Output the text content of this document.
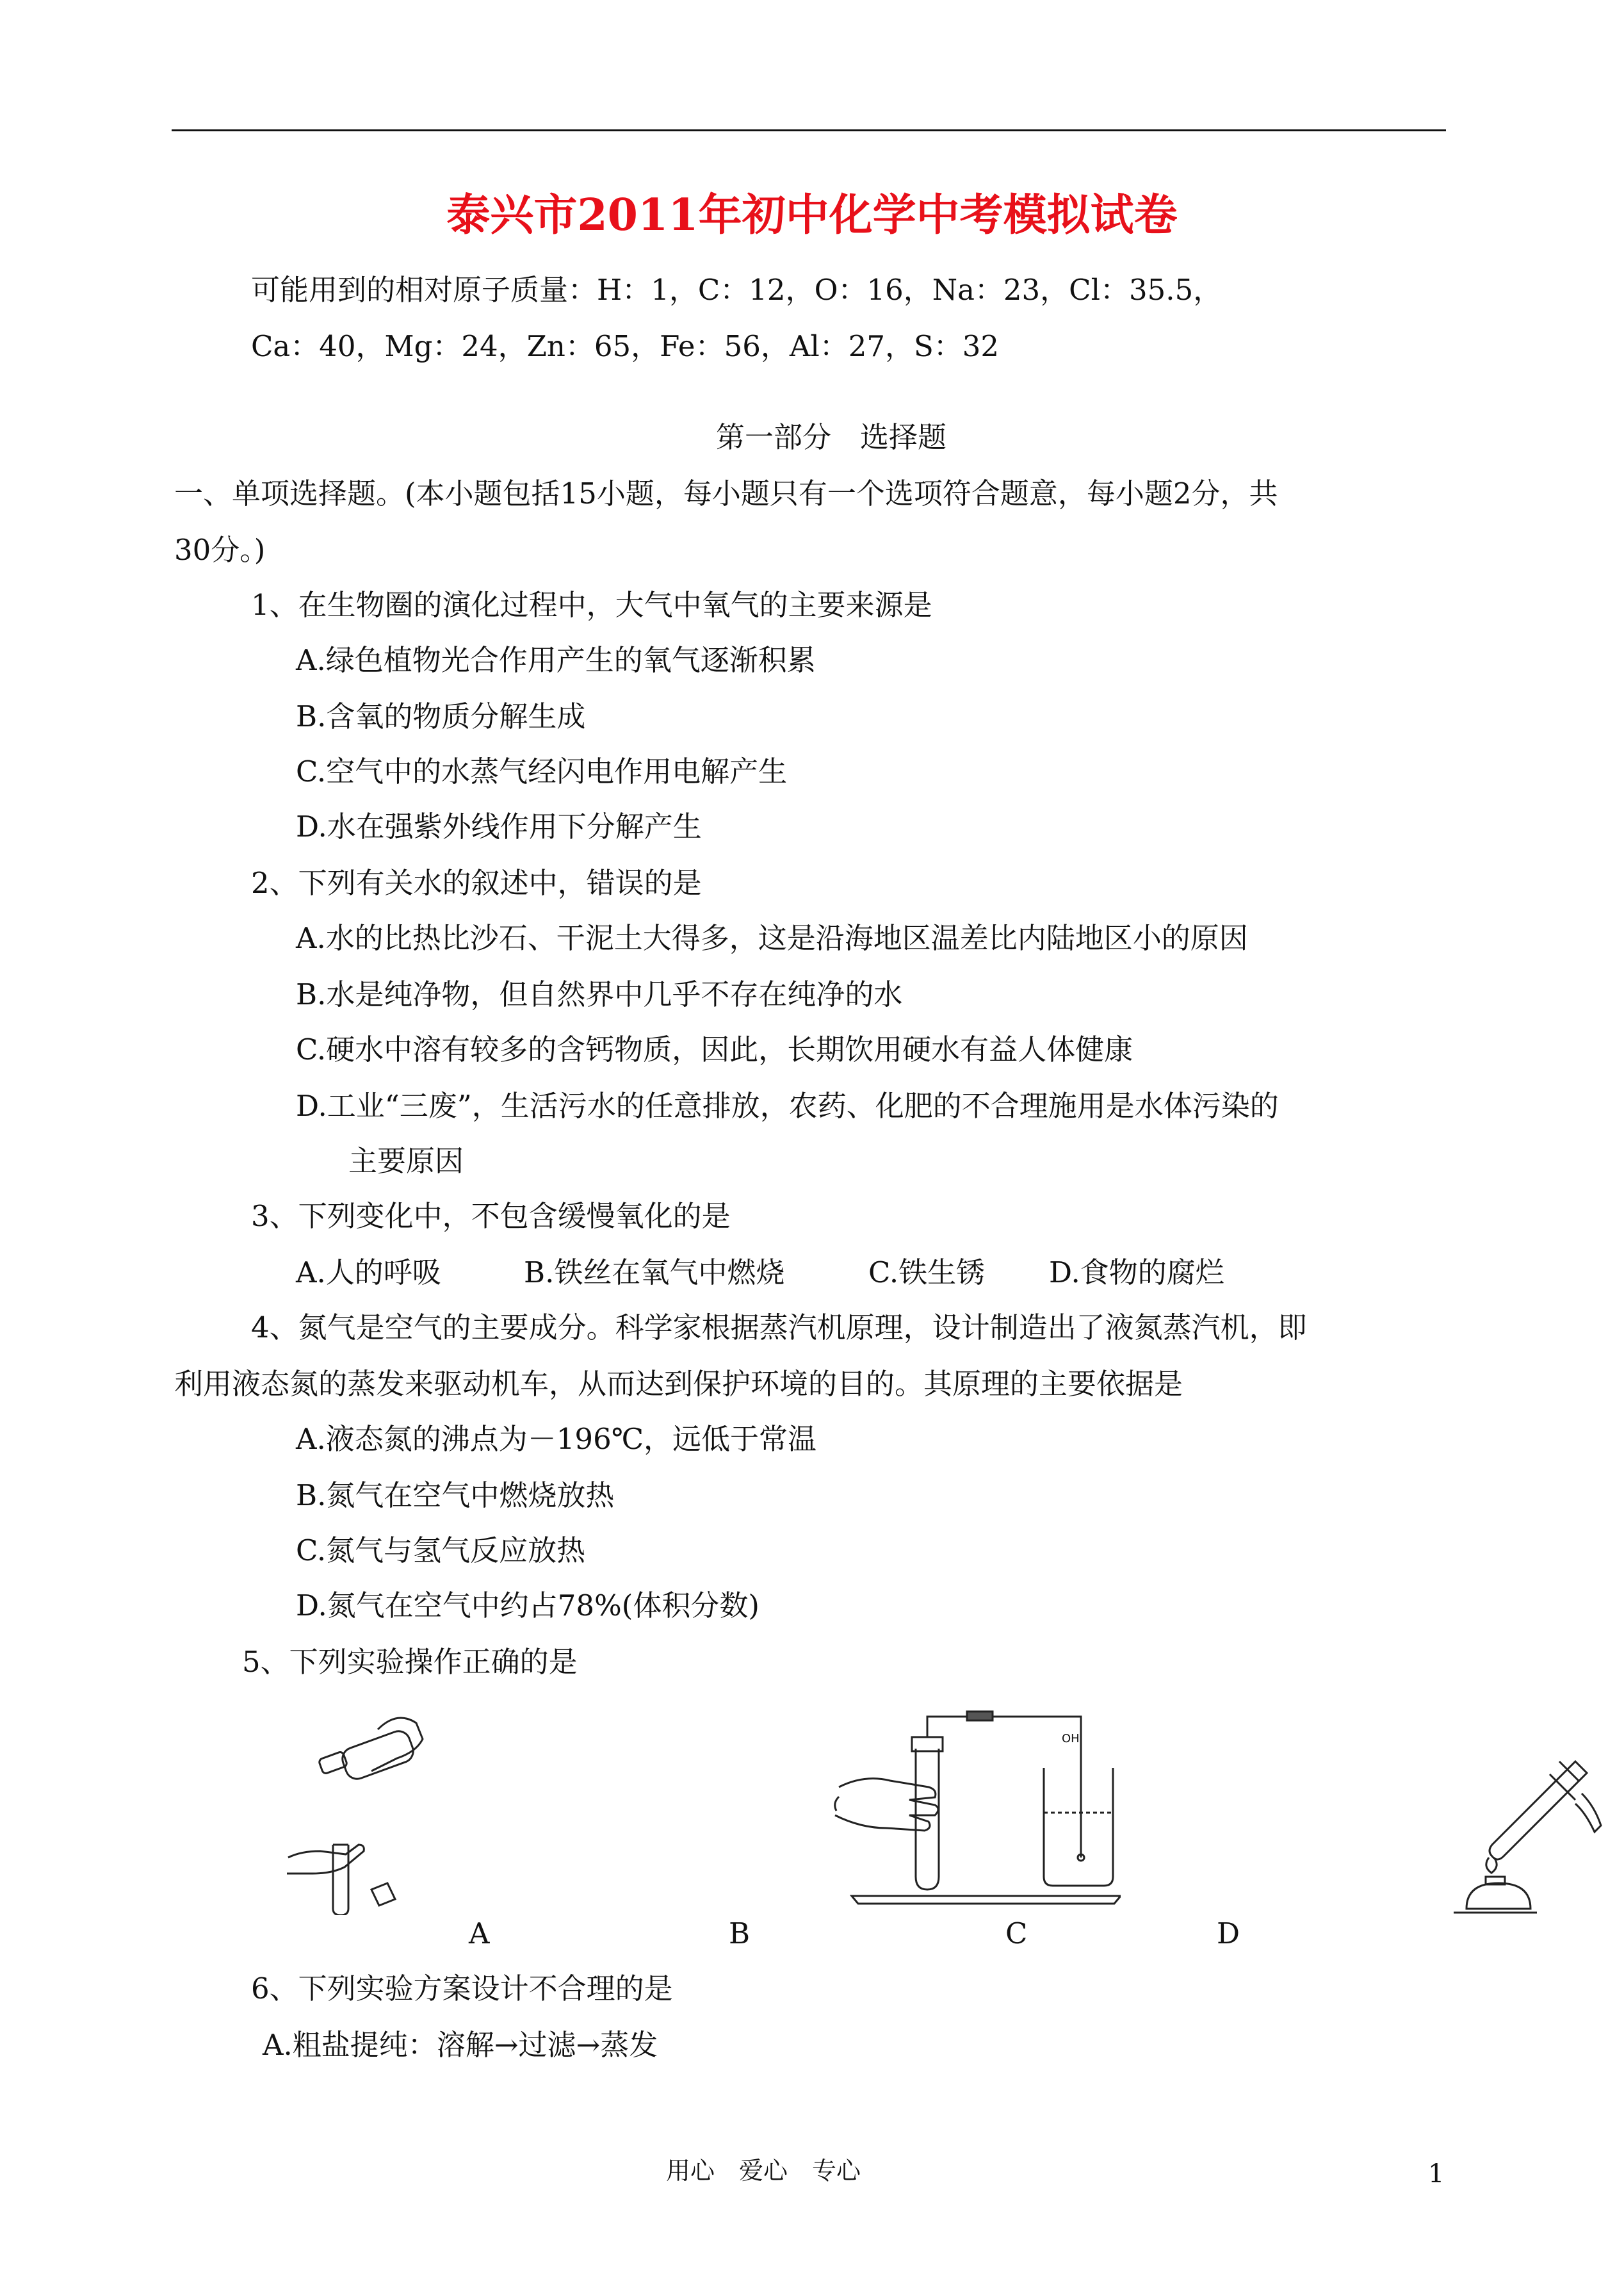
泰兴市2011年初中化学中考模拟试卷
可能用到的相对原子质量：H：1，C：12，O：16，Na：23，Cl：35.5，
Ca：40，Mg：24，Zn：65，Fe：56，Al：27，S：32
第一部分　选择题
一、单项选择题。(本小题包括15小题，每小题只有一个选项符合题意，每小题2分，共
30分。)
1、在生物圈的演化过程中，大气中氧气的主要来源是
A.绿色植物光合作用产生的氧气逐渐积累
B.含氧的物质分解生成
C.空气中的水蒸气经闪电作用电解产生
D.水在强紫外线作用下分解产生
2、下列有关水的叙述中，错误的是
A.水的比热比沙石、干泥土大得多，这是沿海地区温差比内陆地区小的原因
B.水是纯净物，但自然界中几乎不存在纯净的水
C.硬水中溶有较多的含钙物质，因此，长期饮用硬水有益人体健康
D.工业“三废”，生活污水的任意排放，农药、化肥的不合理施用是水体污染的
主要原因
3、下列变化中，不包含缓慢氧化的是
A.人的呼吸	B.铁丝在氧气中燃烧	C.铁生锈 D.食物的腐烂
4、氮气是空气的主要成分。科学家根据蒸汽机原理，设计制造出了液氮蒸汽机，即
利用液态氮的蒸发来驱动机车，从而达到保护环境的目的。其原理的主要依据是
A.液态氮的沸点为－196℃，远低于常温
B.氮气在空气中燃烧放热
C.氮气与氢气反应放热
D.氮气在空气中约占78%(体积分数)
5、下列实验操作正确的是
A
OH
B	C	D
6、下列实验方案设计不合理的是
A.粗盐提纯：溶解→过滤→蒸发
用心　爱心　专心	1
